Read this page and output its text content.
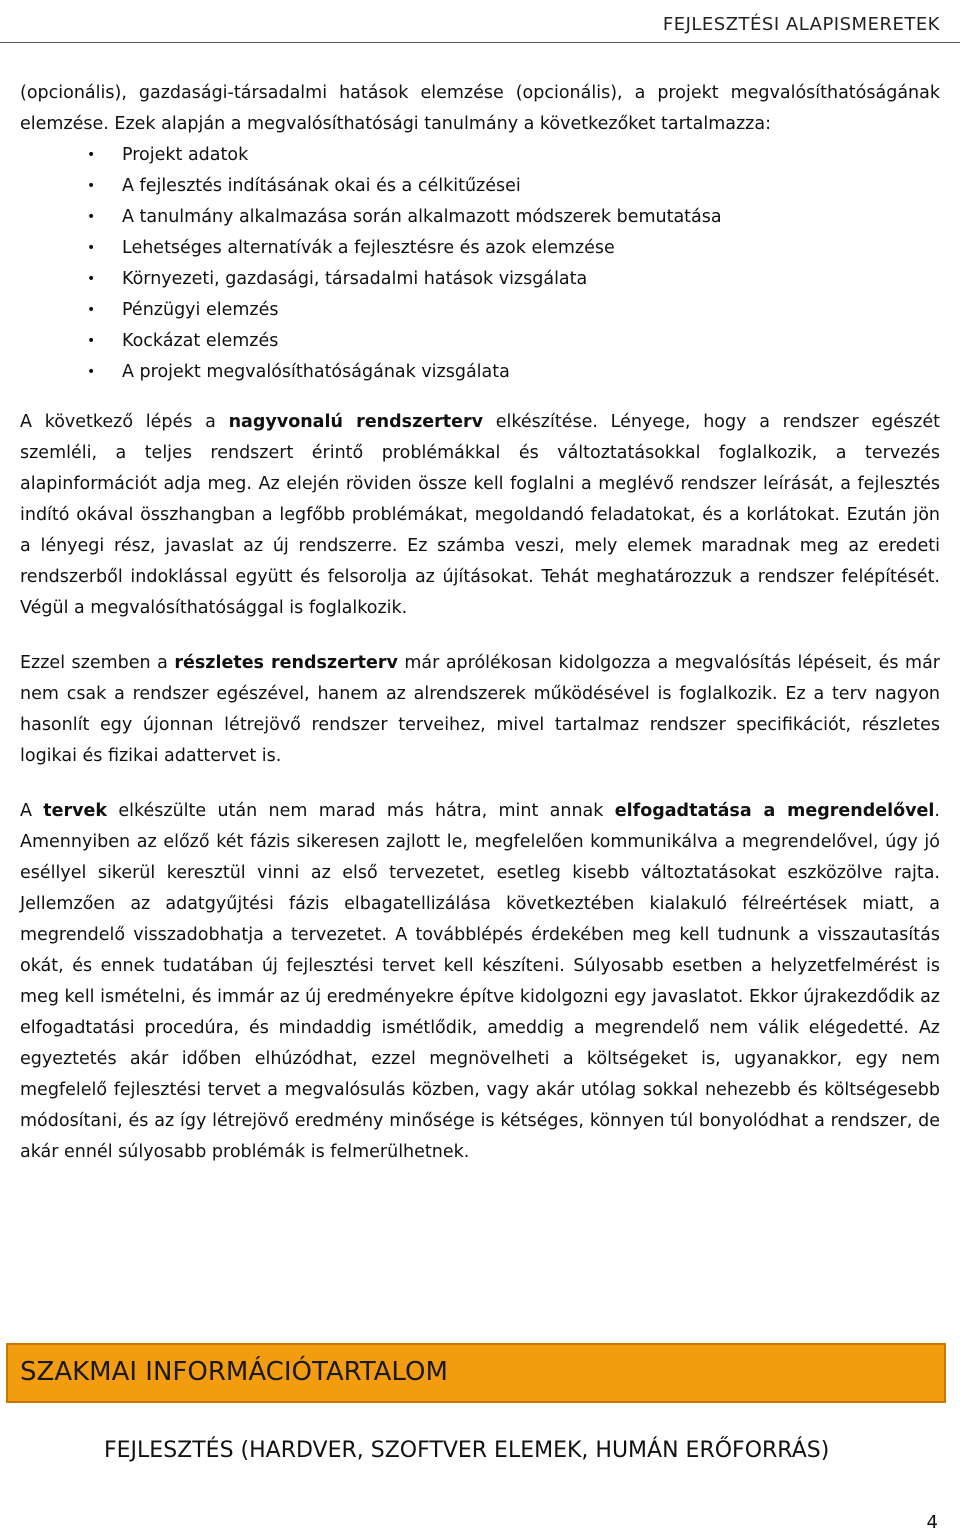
FEJLESZTÉSI ALAPISMERETEK

(opcionális), gazdasági-társadalmi hatások elemzése (opcionális), a projekt megvalósíthatóságának elemzése. Ezek alapján a megvalósíthatósági tanulmány a következőket tartalmazza:

• Projekt adatok
• A fejlesztés indításának okai és a célkitűzései
• A tanulmány alkalmazása során alkalmazott módszerek bemutatása
• Lehetséges alternatívák a fejlesztésre és azok elemzése
• Környezeti, gazdasági, társadalmi hatások vizsgálata
• Pénzügyi elemzés
• Kockázat elemzés
• A projekt megvalósíthatóságának vizsgálata

A következő lépés a nagyvonalú rendszerterv elkészítése. Lényege, hogy a rendszer egészét szemléli, a teljes rendszert érintő problémákkal és változtatásokkal foglalkozik, a tervezés alapinformációt adja meg. Az elején röviden össze kell foglalni a meglévő rendszer leírását, a fejlesztés indító okával összhangban a legfőbb problémákat, megoldandó feladatokat, és a korlátokat. Ezután jön a lényegi rész, javaslat az új rendszerre. Ez számba veszi, mely elemek maradnak meg az eredeti rendszerből indoklással együtt és felsorolja az újításokat. Tehát meghatározzuk a rendszer felépítését. Végül a megvalósíthatósággal is foglalkozik.

Ezzel szemben a részletes rendszerterv már aprólékosan kidolgozza a megvalósítás lépéseit, és már nem csak a rendszer egészével, hanem az alrendszerek működésével is foglalkozik. Ez a terv nagyon hasonlít egy újonnan létrejövő rendszer terveihez, mivel tartalmaz rendszer specifikációt, részletes logikai és fizikai adattervet is.

A tervek elkészülte után nem marad más hátra, mint annak elfogadtatása a megrendelővel. Amennyiben az előző két fázis sikeresen zajlott le, megfelelően kommunikálva a megrendelővel, úgy jó eséllyel sikerül keresztül vinni az első tervezetet, esetleg kisebb változtatásokat eszközölve rajta. Jellemzően az adatgyűjtési fázis elbagatellizálása következtében kialakuló félreértések miatt, a megrendelő visszadobhatja a tervezetet. A továbblépés érdekében meg kell tudnunk a visszautasítás okát, és ennek tudatában új fejlesztési tervet kell készíteni. Súlyosabb esetben a helyzetfelmérést is meg kell ismételni, és immár az új eredményekre építve kidolgozni egy javaslatot. Ekkor újrakezdődik az elfogadtatási procedúra, és mindaddig ismétlődik, ameddig a megrendelő nem válik elégedetté. Az egyeztetés akár időben elhúzódhat, ezzel megnövelheti a költségeket is, ugyanakkor, egy nem megfelelő fejlesztési tervet a megvalósulás közben, vagy akár utólag sokkal nehezebb és költségesebb módosítani, és az így létrejövő eredmény minősége is kétséges, könnyen túl bonyolódhat a rendszer, de akár ennél súlyosabb problémák is felmerülhetnek.

SZAKMAI INFORMÁCIÓTARTALOM
FEJLESZTÉS (HARDVER, SZOFTVER ELEMEK, HUMÁN ERŐFORRÁS)
4
